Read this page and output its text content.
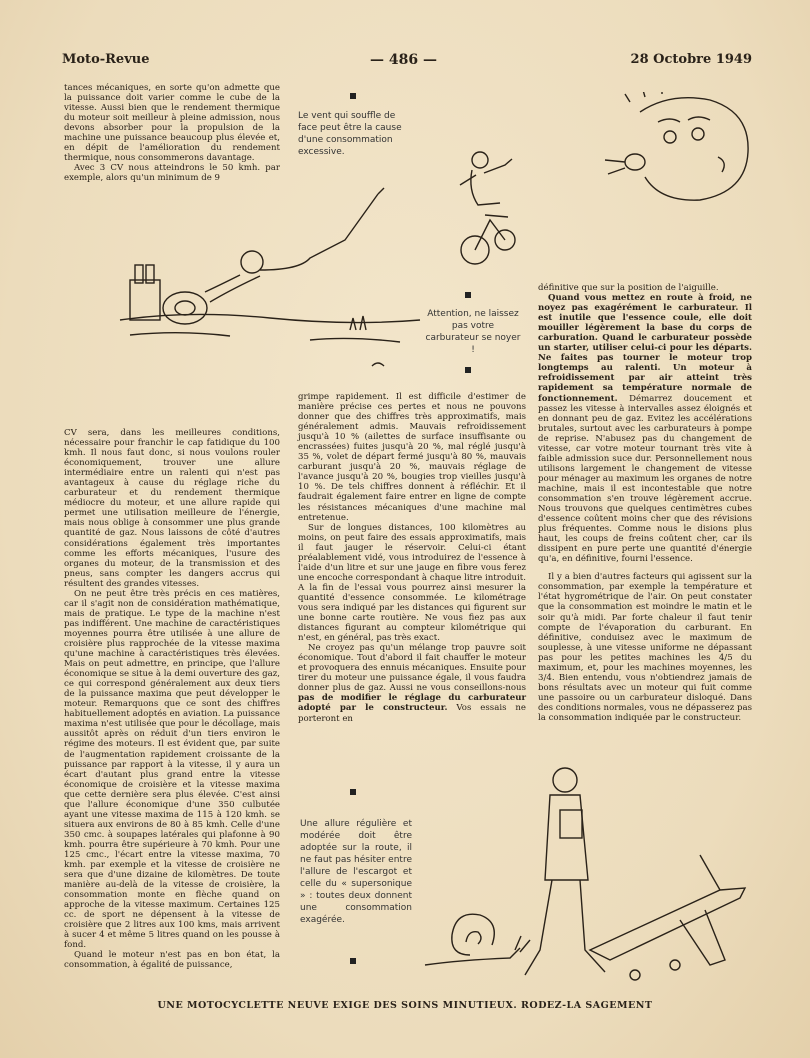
Moto-Revue	— 486 —	28 Octobre 1949

tances mécaniques, en sorte qu'on admette que la puissance doit varier comme le cube de la vitesse. Aussi bien que le rendement thermique du moteur soit meilleur à pleine admission, nous devons absorber pour la propulsion de la machine une puissance beaucoup plus élevée et, en dépit de l'amélioration du rendement thermique, nous consommerons davantage.

Avec 3 CV nous atteindrons le 50 kmh. par exemple, alors qu'un minimum de 9

Le vent qui souffle de face peut être la cause d'une consommation excessive.
Attention, ne laissez pas votre carburateur se noyer !
Une allure régulière et modérée doit être adoptée sur la route, il ne faut pas hésiter entre l'allure de l'escargot et celle du « supersonique » : toutes deux donnent une consommation exagérée.

CV sera, dans les meilleures conditions, nécessaire pour franchir le cap fatidique du 100 kmh. Il nous faut donc, si nous voulons rouler économiquement, trouver une allure intermédiaire entre un ralenti qui n'est pas avantageux à cause du réglage riche du carburateur et du rendement thermique médiocre du moteur, et une allure rapide qui permet une utilisation meilleure de l'énergie, mais nous oblige à consommer une plus grande quantité de gaz. Nous laissons de côté d'autres considérations également très importantes comme les efforts mécaniques, l'usure des organes du moteur, de la transmission et des pneus, sans compter les dangers accrus qui résultent des grandes vitesses.

On ne peut être très précis en ces matières, car il s'agit non de considération mathématique, mais de pratique. Le type de la machine n'est pas indifférent. Une machine de caractéristiques moyennes pourra être utilisée à une allure de croisière plus rapprochée de la vitesse maxima qu'une machine à caractéristiques très élevées. Mais on peut admettre, en principe, que l'allure économique se situe à la demi ouverture des gaz, ce qui correspond généralement aux deux tiers de la puissance maxima que peut développer le moteur. Remarquons que ce sont des chiffres habituellement adoptés en aviation. La puissance maxima n'est utilisée que pour le décollage, mais aussitôt après on réduit d'un tiers environ le régime des moteurs. Il est évident que, par suite de l'augmentation rapidement croissante de la puissance par rapport à la vitesse, il y aura un écart d'autant plus grand entre la vitesse économique de croisière et la vitesse maxima que cette dernière sera plus élevée. C'est ainsi que l'allure économique d'une 350 culbutée ayant une vitesse maxima de 115 à 120 kmh. se situera aux environs de 80 à 85 kmh. Celle d'une 350 cmc. à soupapes latérales qui plafonne à 90 kmh. pourra être supérieure à 70 kmh. Pour une 125 cmc., l'écart entre la vitesse maxima, 70 kmh. par exemple et la vitesse de croisière ne sera que d'une dizaine de kilomètres. De toute manière au-delà de la vitesse de croisière, la consommation monte en flèche quand on approche de la vitesse maximum. Certaines 125 cc. de sport ne dépensent à la vitesse de croisière que 2 litres aux 100 kms, mais arrivent à sucer 4 et même 5 litres quand on les pousse à fond.

Quand le moteur n'est pas en bon état, la consommation, à égalité de puissance,

grimpe rapidement. Il est difficile d'estimer de manière précise ces pertes et nous ne pouvons donner que des chiffres très approximatifs, mais généralement admis. Mauvais refroidissement jusqu'à 10 % (ailettes de surface insuffisante ou encrassées) fuites jusqu'à 20 %, mal réglé jusqu'à 35 %, volet de départ fermé jusqu'à 80 %, mauvais carburant jusqu'à 20 %, mauvais réglage de l'avance jusqu'à 20 %, bougies trop vieilles jusqu'à 10 %. De tels chiffres donnent à réfléchir. Et il faudrait également faire entrer en ligne de compte les résistances mécaniques d'une machine mal entretenue.

Sur de longues distances, 100 kilomètres au moins, on peut faire des essais approximatifs, mais il faut jauger le réservoir. Celui-ci étant préalablement vidé, vous introduirez de l'essence à l'aide d'un litre et sur une jauge en fibre vous ferez une encoche correspondant à chaque litre introduit. A la fin de l'essai vous pourrez ainsi mesurer la quantité d'essence consommée. Le kilométrage vous sera indiqué par les distances qui figurent sur une bonne carte routière. Ne vous fiez pas aux distances figurant au compteur kilométrique qui n'est, en général, pas très exact.

Ne croyez pas qu'un mélange trop pauvre soit économique. Tout d'abord il fait chauffer le moteur et provoquera des ennuis mécaniques. Ensuite pour tirer du moteur une puissance égale, il vous faudra donner plus de gaz. Aussi ne vous conseillons-nous pas de modifier le réglage du carburateur adopté par le constructeur. Vos essais ne porteront en

définitive que sur la position de l'aiguille.

Quand vous mettez en route à froid, ne noyez pas exagérément le carburateur. Il est inutile que l'essence coule, elle doit mouiller légèrement la base du corps de carburation. Quand le carburateur possède un starter, utiliser celui-ci pour les départs. Ne faites pas tourner le moteur trop longtemps au ralenti. Un moteur à refroidissement par air atteint très rapidement sa température normale de fonctionnement. Démarrez doucement et passez les vitesse à intervalles assez éloignés et en donnant peu de gaz. Evitez les accélérations brutales, surtout avec les carburateurs à pompe de reprise. N'abusez pas du changement de vitesse, car votre moteur tournant très vite à faible admission suce dur. Personnellement nous utilisons largement le changement de vitesse pour ménager au maximum les organes de notre machine, mais il est incontestable que notre consommation s'en trouve légèrement accrue. Nous trouvons que quelques centimètres cubes d'essence coûtent moins cher que des révisions plus fréquentes. Comme nous le disions plus haut, les coups de freins coûtent cher, car ils dissipent en pure perte une quantité d'énergie qu'a, en définitive, fourni l'essence.

Il y a bien d'autres facteurs qui agissent sur la consommation, par exemple la température et l'état hygrométrique de l'air. On peut constater que la consommation est moindre le matin et le soir qu'à midi. Par forte chaleur il faut tenir compte de l'évaporation du carburant. En définitive, conduisez avec le maximum de souplesse, à une vitesse uniforme ne dépassant pas pour les petites machines les 4/5 du maximum, et, pour les machines moyennes, les 3/4. Bien entendu, vous n'obtiendrez jamais de bons résultats avec un moteur qui fuit comme une passoire ou un carburateur disloqué. Dans des conditions normales, vous ne dépasserez pas la consommation indiquée par le constructeur.

UNE MOTOCYCLETTE NEUVE EXIGE DES SOINS MINUTIEUX. RODEZ-LA SAGEMENT
